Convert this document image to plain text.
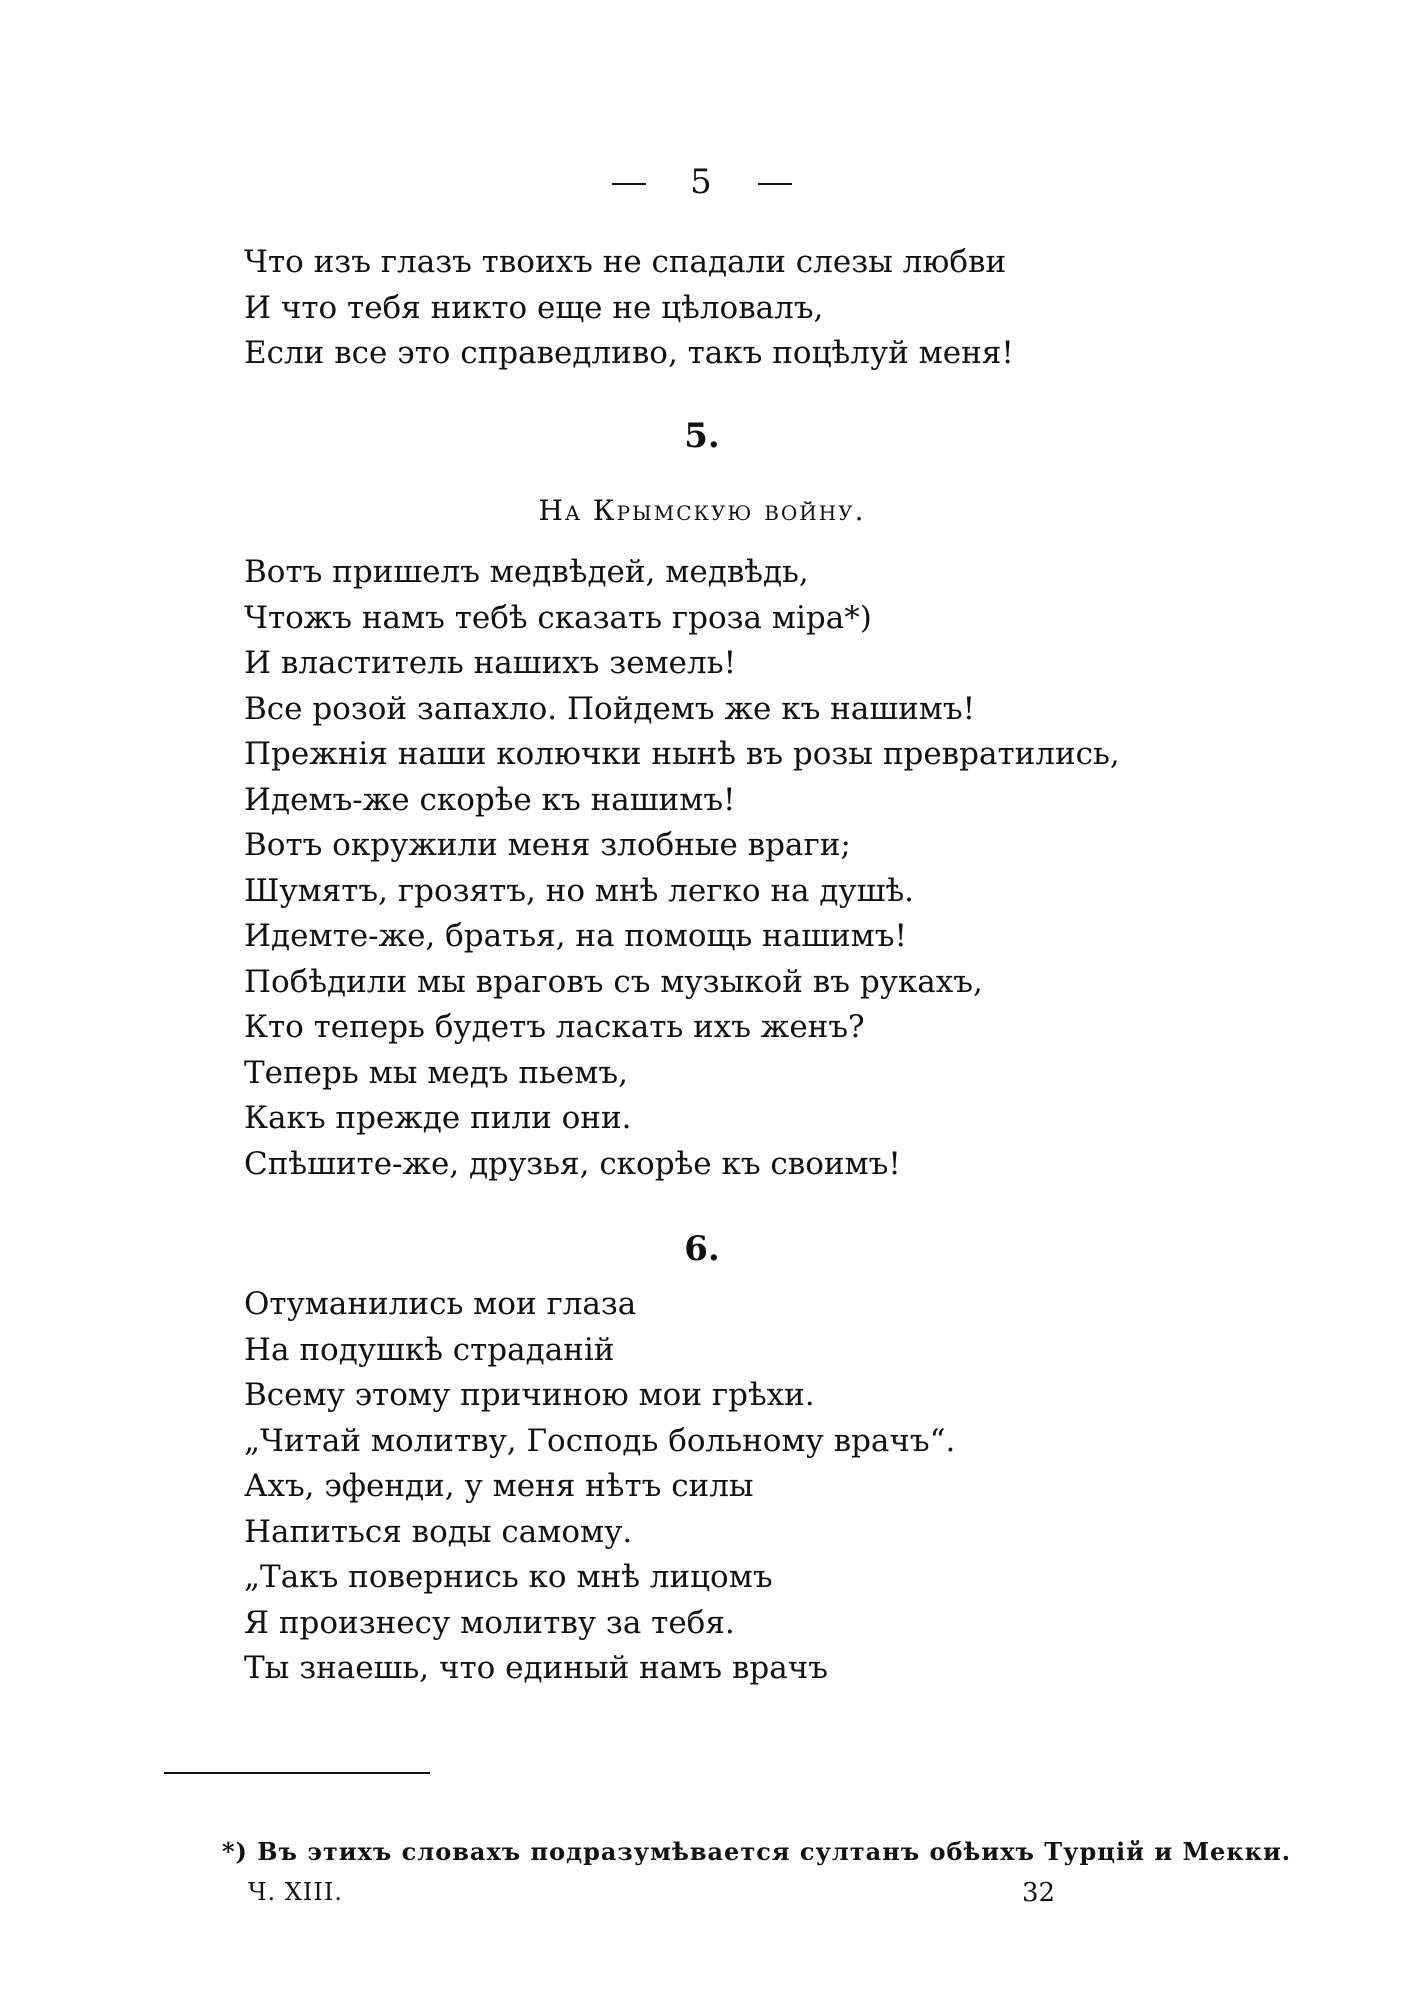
5
Что изъ глазъ твоихъ не спадали слезы любви
И что тебя никто еще не цѣловалъ,
Если все это справедливо, такъ поцѣлуй меня!
5.
На Крымскую войну.
Вотъ пришелъ медвѣдей, медвѣдь,
Чтожъ намъ тебѣ сказать гроза міра*)
И властитель нашихъ земель!
Все розой запахло. Пойдемъ же къ нашимъ!
Прежнія наши колючки нынѣ въ розы превратились,
Идемъ-же скорѣе къ нашимъ!
Вотъ окружили меня злобные враги;
Шумятъ, грозятъ, но мнѣ легко на душѣ.
Идемте-же, братья, на помощь нашимъ!
Побѣдили мы враговъ съ музыкой въ рукахъ,
Кто теперь будетъ ласкать ихъ женъ?
Теперь мы медъ пьемъ,
Какъ прежде пили они.
Спѣшите-же, друзья, скорѣе къ своимъ!
6.
Отуманились мои глаза
На подушкѣ страданій
Всему этому причиною мои грѣхи.
„Читай молитву, Господь больному врачъ“.
Ахъ, эфенди, у меня нѣтъ силы
Напиться воды самому.
„Такъ повернись ко мнѣ лицомъ
Я произнесу молитву за тебя.
Ты знаешь, что единый намъ врачъ
*) Въ этихъ словахъ подразумѣвается султанъ обѣихъ Турцій и Мекки.
Ч. XIII.	32
